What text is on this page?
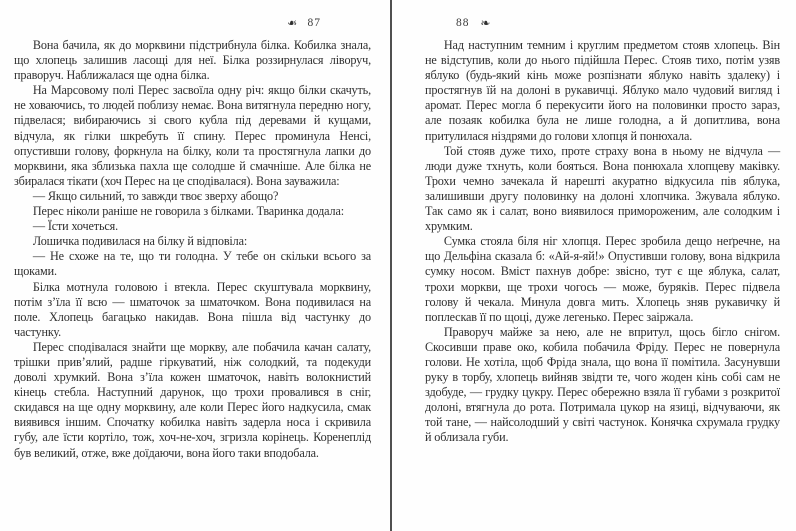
❧ 87

Вона бачила, як до морквини підстрибнула білка. Кобилка знала, що хлопець залишив ласощі для неї. Білка роззирнулася ліворуч, праворуч. Наближалася ще одна білка.

На Марсовому полі Перес засвоїла одну річ: якщо білки скачуть, не ховаючись, то людей поблизу немає. Вона витягнула передню ногу, підвелася; вибираючись зі свого кубла під деревами й кущами, відчула, як гілки шкребуть її спину. Перес проминула Ненсі, опустивши голову, форкнула на білку, коли та простягнула лапки до морквини, яка зблизька пахла ще солодше й смачніше. Але білка не збиралася тікати (хоч Перес на це сподівалася). Вона зауважила:

— Якщо сильний, то завжди твоє зверху абощо?

Перес ніколи раніше не говорила з білками. Тваринка додала:

— Їсти хочеться.

Лошичка подивилася на білку й відповіла:

— Не схоже на те, що ти голодна. У тебе он скільки всього за щоками.

Білка мотнула головою і втекла. Перес скуштувала морквину, потім з’їла її всю — шматочок за шматочком. Вона подивилася на поле. Хлопець багацько накидав. Вона пішла від частунку до частунку.

Перес сподівалася знайти ще моркву, але побачила качан салату, трішки прив’ялий, радше гіркуватий, ніж солодкий, та подекуди доволі хрумкий. Вона з’їла кожен шматочок, навіть волокнистий кінець стебла. Наступний дарунок, що трохи провалився в сніг, скидався на ще одну морквину, але коли Перес його надкусила, смак виявився іншим. Спочатку кобилка навіть задерла носа і скривила губу, але їсти кортіло, тож, хоч-не-хоч, згризла корінець. Коренеплід був великий, отже, вже доїдаючи, вона його таки вподобала.

88 ❧

Над наступним темним і круглим предметом стояв хлопець. Він не відступив, коли до нього підійшла Перес. Стояв тихо, потім узяв яблуко (будь-який кінь може розпізнати яблуко навіть здалеку) і простягнув їй на долоні в рукавичці. Яблуко мало чудовий вигляд і аромат. Перес могла б перекусити його на половинки просто зараз, але позаяк кобилка була не лише голодна, а й допитлива, вона притулилася ніздрями до голови хлопця й понюхала.

Той стояв дуже тихо, проте страху вона в ньому не відчула — люди дуже тхнуть, коли бояться. Вона понюхала хлопцеву маківку. Трохи чемно зачекала й нарешті акуратно відкусила пів яблука, залишивши другу половинку на долоні хлопчика. Зжувала яблуко. Так само як і салат, воно виявилося примороженим, але солодким і хрумким.

Сумка стояла біля ніг хлопця. Перес зробила дещо неґречне, на що Дельфіна сказала б: «Ай-я-яй!» Опустивши голову, вона відкрила сумку носом. Вміст пахнув добре: звісно, тут є ще яблука, салат, трохи моркви, ще трохи чогось — може, буряків. Перес підвела голову й чекала. Минула довга мить. Хлопець зняв рукавичку й поплескав її по щоці, дуже легенько. Перес заіржала.

Праворуч майже за нею, але не впритул, щось бігло снігом. Скосивши праве око, кобила побачила Фріду. Перес не повернула голови. Не хотіла, щоб Фріда знала, що вона її помітила. Засунувши руку в торбу, хлопець вийняв звідти те, чого жоден кінь собі сам не здобуде, — грудку цукру. Перес обережно взяла її губами з розкритої долоні, втягнула до рота. Потримала цукор на язиці, відчуваючи, як той тане, — найсолодший у світі частунок. Конячка схрумала грудку й облизала губи.
